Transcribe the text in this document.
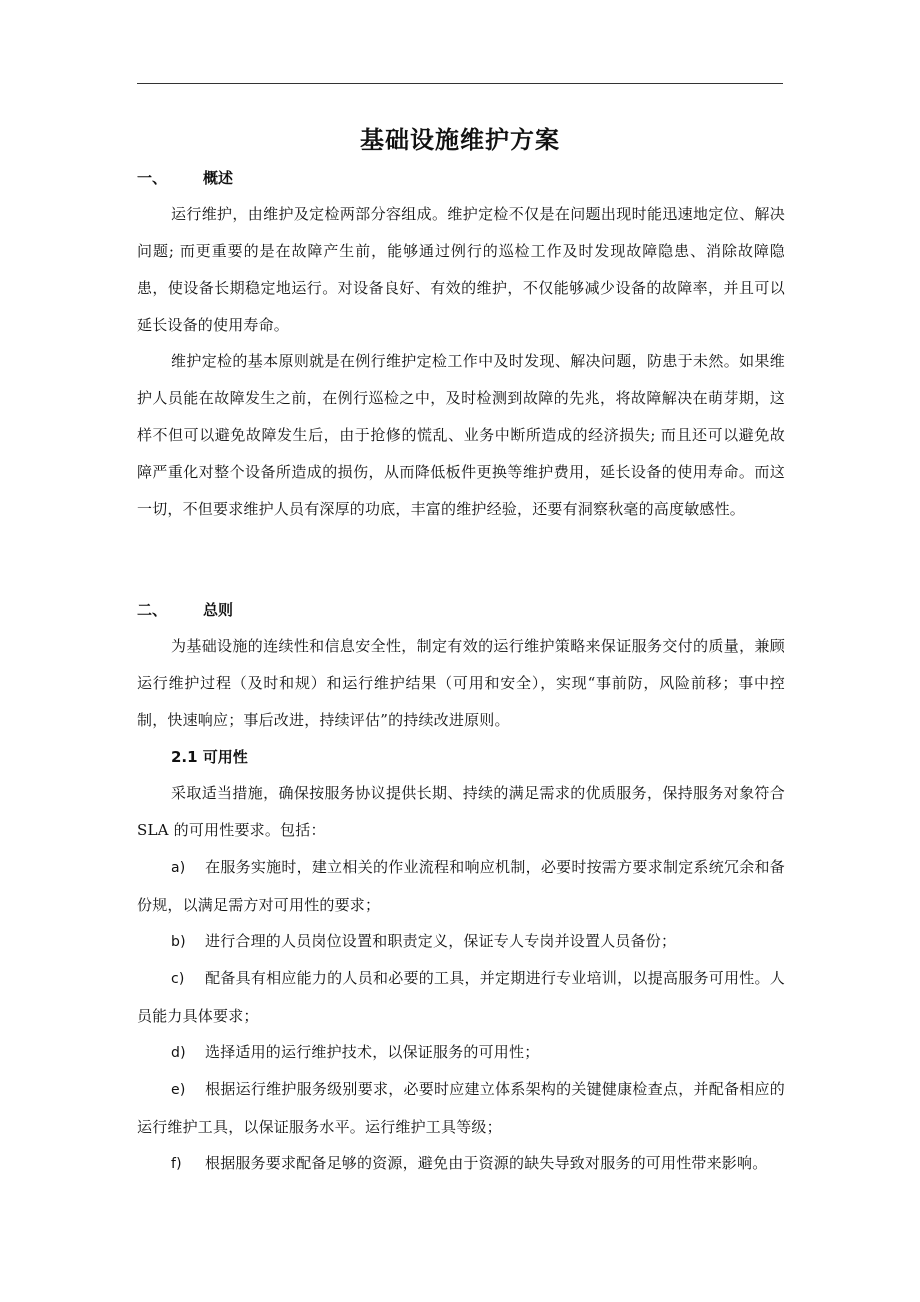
基础设施维护方案
一、 概述

运行维护，由维护及定检两部分容组成。维护定检不仅是在问题出现时能迅速地定位、解决问题; 而更重要的是在故障产生前，能够通过例行的巡检工作及时发现故障隐患、消除故障隐患，使设备长期稳定地运行。对设备良好、有效的维护，不仅能够减少设备的故障率，并且可以延长设备的使用寿命。

维护定检的基本原则就是在例行维护定检工作中及时发现、解决问题，防患于未然。如果维护人员能在故障发生之前，在例行巡检之中，及时检测到故障的先兆，将故障解决在萌芽期，这样不但可以避免故障发生后，由于抢修的慌乱、业务中断所造成的经济损失; 而且还可以避免故障严重化对整个设备所造成的损伤，从而降低板件更换等维护费用，延长设备的使用寿命。而这一切，不但要求维护人员有深厚的功底，丰富的维护经验，还要有洞察秋毫的高度敏感性。

二、 总则

为基础设施的连续性和信息安全性，制定有效的运行维护策略来保证服务交付的质量，兼顾运行维护过程（及时和规）和运行维护结果（可用和安全），实现“事前防，风险前移；事中控制，快速响应；事后改进，持续评估”的持续改进原则。

2.1 可用性

采取适当措施，确保按服务协议提供长期、持续的满足需求的优质服务，保持服务对象符合 SLA 的可用性要求。包括：

a) 在服务实施时，建立相关的作业流程和响应机制，必要时按需方要求制定系统冗余和备份规，以满足需方对可用性的要求；

b) 进行合理的人员岗位设置和职责定义，保证专人专岗并设置人员备份；

c) 配备具有相应能力的人员和必要的工具，并定期进行专业培训，以提高服务可用性。人员能力具体要求；

d) 选择适用的运行维护技术，以保证服务的可用性；

e) 根据运行维护服务级别要求，必要时应建立体系架构的关键健康检查点，并配备相应的运行维护工具，以保证服务水平。运行维护工具等级；

f) 根据服务要求配备足够的资源，避免由于资源的缺失导致对服务的可用性带来影响。
